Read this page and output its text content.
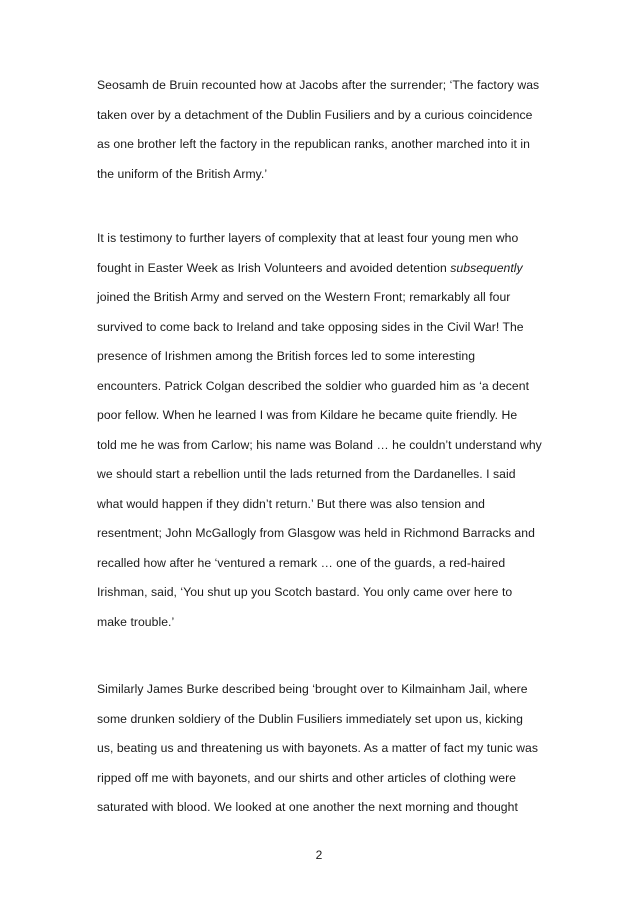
Seosamh de Bruin recounted how at Jacobs after the surrender; ‘The factory was
taken over by a detachment of the Dublin Fusiliers and by a curious coincidence
as one brother left the factory in the republican ranks, another marched into it in
the uniform of the British Army.’
It is testimony to further layers of complexity that at least four young men who
fought in Easter Week as Irish Volunteers and avoided detention subsequently
joined the British Army and served on the Western Front; remarkably all four
survived to come back to Ireland and take opposing sides in the Civil War! The
presence of Irishmen among the British forces led to some interesting
encounters. Patrick Colgan described the soldier who guarded him as ‘a decent
poor fellow. When he learned I was from Kildare he became quite friendly. He
told me he was from Carlow; his name was Boland … he couldn’t understand why
we should start a rebellion until the lads returned from the Dardanelles. I said
what would happen if they didn’t return.’ But there was also tension and
resentment; John McGallogly from Glasgow was held in Richmond Barracks and
recalled how after he ‘ventured a remark … one of the guards, a red-haired
Irishman, said, ‘You shut up you Scotch bastard. You only came over here to
make trouble.’
Similarly James Burke described being ‘brought over to Kilmainham Jail, where
some drunken soldiery of the Dublin Fusiliers immediately set upon us, kicking
us, beating us and threatening us with bayonets. As a matter of fact my tunic was
ripped off me with bayonets, and our shirts and other articles of clothing were
saturated with blood. We looked at one another the next morning and thought
2
